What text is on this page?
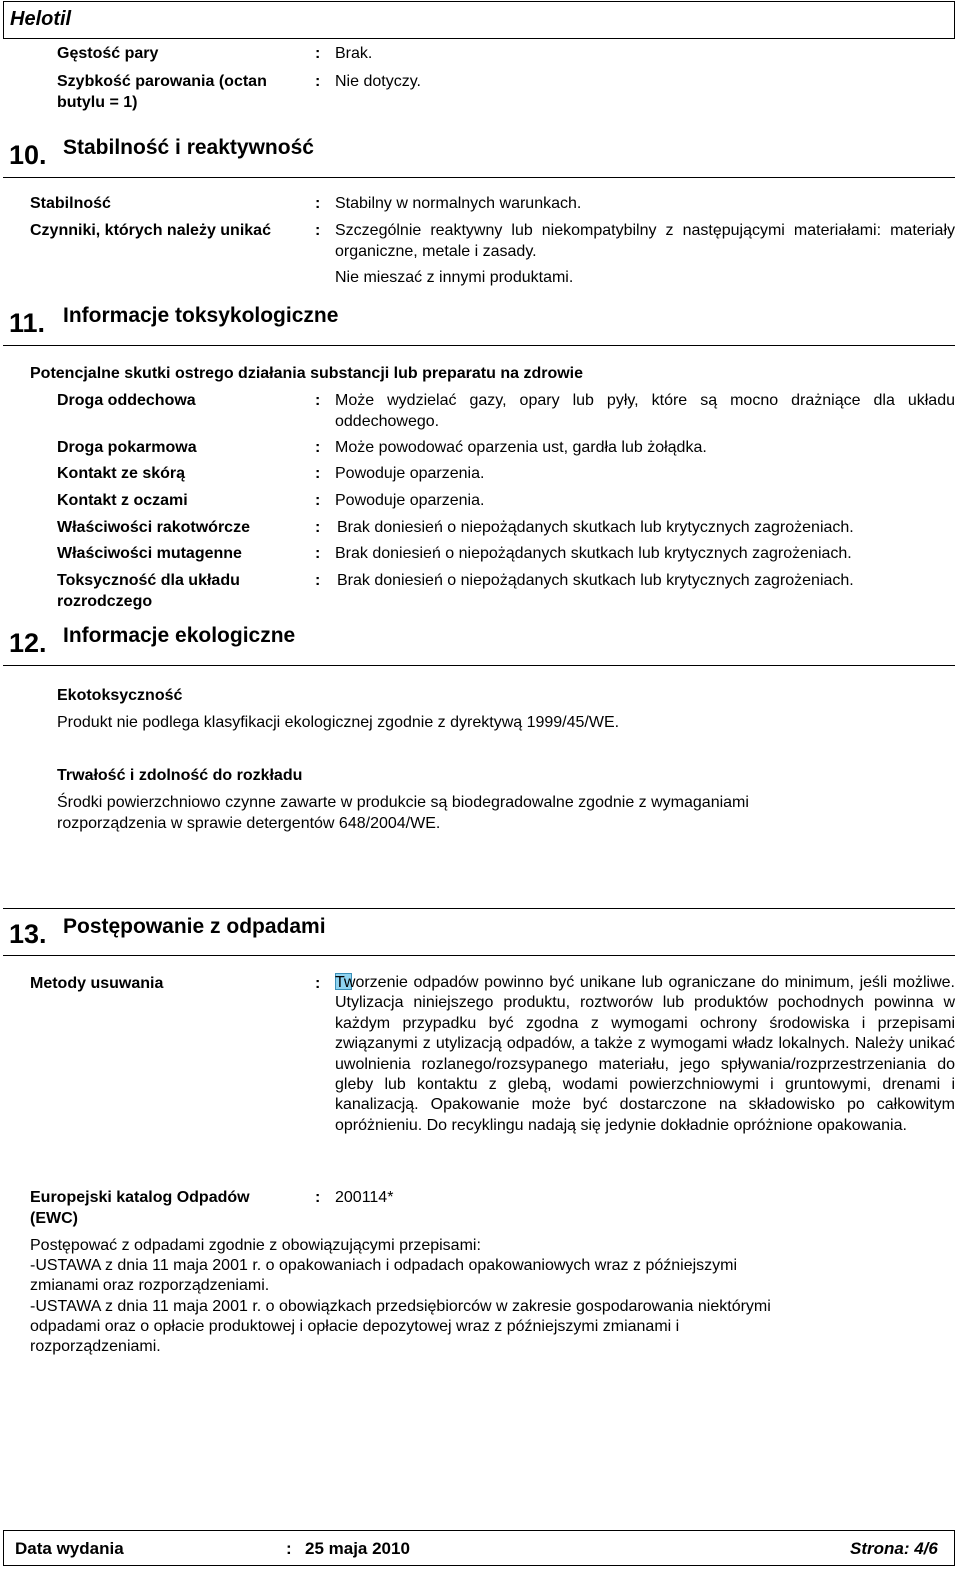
Helotil
Gęstość pary	: Brak.
Szybkość parowania (octan
butylu = 1)
: Nie dotyczy.
10. Stabilność i reaktywność
Stabilność	: Stabilny w normalnych warunkach.
Czynniki, których należy unikać	: Szczególnie reaktywny lub niekompatybilny z następującymi materiałami: materiały organiczne, metale i zasady.
Nie mieszać z innymi produktami.
11. Informacje toksykologiczne
Potencjalne skutki ostrego działania substancji lub preparatu na zdrowie
Droga oddechowa	: Może wydzielać gazy, opary lub pyły, które są mocno drażniące dla układu oddechowego.
Droga pokarmowa	: Może powodować oparzenia ust, gardła lub żołądka.
Kontakt ze skórą	: Powoduje oparzenia.
Kontakt z oczami	: Powoduje oparzenia.
Właściwości rakotwórcze	: Brak doniesień o niepożądanych skutkach lub krytycznych zagrożeniach.
Właściwości mutagenne	: Brak doniesień o niepożądanych skutkach lub krytycznych zagrożeniach.
Toksyczność dla układu
rozrodczego
: Brak doniesień o niepożądanych skutkach lub krytycznych zagrożeniach.
12. Informacje ekologiczne
Ekotoksyczność
Produkt nie podlega klasyfikacji ekologicznej zgodnie z dyrektywą 1999/45/WE.
Trwałość i zdolność do rozkładu
Środki powierzchniowo czynne zawarte w produkcie są biodegradowalne zgodnie z wymaganiami
rozporządzenia w sprawie detergentów 648/2004/WE.
13. Postępowanie z odpadami
Metody usuwania	: Tworzenie odpadów powinno być unikane lub ograniczane do minimum, jeśli możliwe. Utylizacja niniejszego produktu, roztworów lub produktów pochodnych powinna w każdym przypadku być zgodna z wymogami ochrony środowiska i przepisami związanymi z utylizacją odpadów, a także z wymogami władz lokalnych. Należy unikać uwolnienia rozlanego/rozsypanego materiału, jego spływania/rozprzestrzeniania do gleby lub kontaktu z glebą, wodami powierzchniowymi i gruntowymi, drenami i kanalizacją. Opakowanie może być dostarczone na składowisko po całkowitym opróżnieniu. Do recyklingu nadają się jedynie dokładnie opróżnione opakowania.
Europejski katalog Odpadów
(EWC)
: 200114*
Postępować z odpadami zgodnie z obowiązującymi przepisami:
-USTAWA z dnia 11 maja 2001 r. o opakowaniach i odpadach opakowaniowych wraz z późniejszymi
zmianami oraz rozporządzeniami.
-USTAWA z dnia 11 maja 2001 r. o obowiązkach przedsiębiorców w zakresie gospodarowania niektórymi
odpadami oraz o opłacie produktowej i opłacie depozytowej wraz z późniejszymi zmianami i
rozporządzeniami.
Data wydania	: 25 maja 2010	Strona: 4/6
